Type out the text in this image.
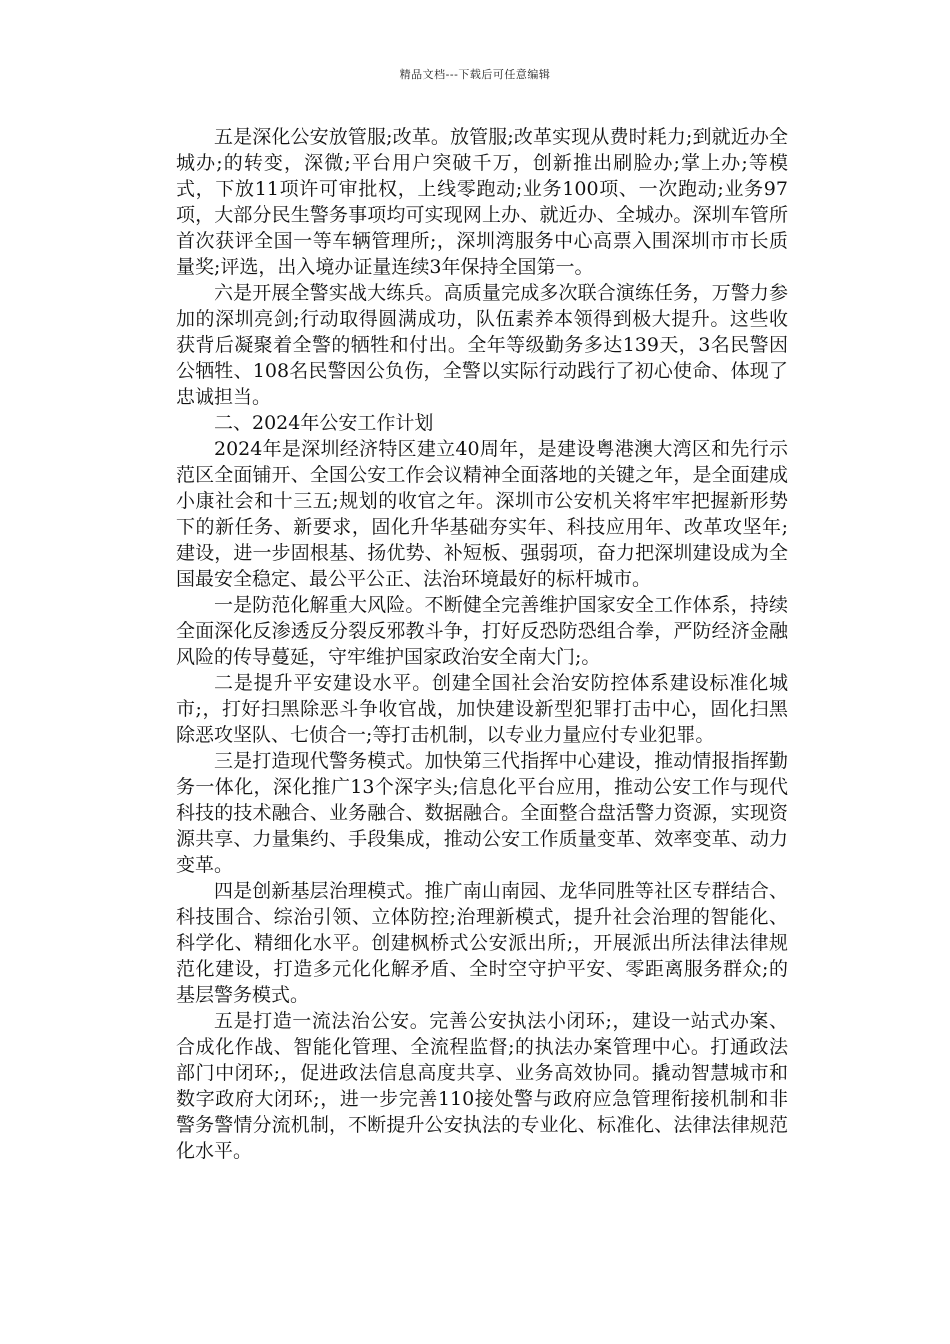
精品文档---下载后可任意编辑

五是深化公安放管服;改革。放管服;改革实现从费时耗力;到就近办全城办;的转变，深微;平台用户突破千万，创新推出刷脸办;掌上办;等模式，下放11项许可审批权，上线零跑动;业务100项、一次跑动;业务97项，大部分民生警务事项均可实现网上办、就近办、全城办。深圳车管所首次获评全国一等车辆管理所;，深圳湾服务中心高票入围深圳市市长质量奖;评选，出入境办证量连续3年保持全国第一。

六是开展全警实战大练兵。高质量完成多次联合演练任务，万警力参加的深圳亮剑;行动取得圆满成功，队伍素养本领得到极大提升。这些收获背后凝聚着全警的牺牲和付出。全年等级勤务多达139天，3名民警因公牺牲、108名民警因公负伤，全警以实际行动践行了初心使命、体现了忠诚担当。

二、2024年公安工作计划

2024年是深圳经济特区建立40周年，是建设粤港澳大湾区和先行示范区全面铺开、全国公安工作会议精神全面落地的关键之年，是全面建成小康社会和十三五;规划的收官之年。深圳市公安机关将牢牢把握新形势下的新任务、新要求，固化升华基础夯实年、科技应用年、改革攻坚年;建设，进一步固根基、扬优势、补短板、强弱项，奋力把深圳建设成为全国最安全稳定、最公平公正、法治环境最好的标杆城市。

一是防范化解重大风险。不断健全完善维护国家安全工作体系，持续全面深化反渗透反分裂反邪教斗争，打好反恐防恐组合拳，严防经济金融风险的传导蔓延，守牢维护国家政治安全南大门;。

二是提升平安建设水平。创建全国社会治安防控体系建设标准化城市;，打好扫黑除恶斗争收官战，加快建设新型犯罪打击中心，固化扫黑除恶攻坚队、七侦合一;等打击机制，以专业力量应付专业犯罪。

三是打造现代警务模式。加快第三代指挥中心建设，推动情报指挥勤务一体化，深化推广13个深字头;信息化平台应用，推动公安工作与现代科技的技术融合、业务融合、数据融合。全面整合盘活警力资源，实现资源共享、力量集约、手段集成，推动公安工作质量变革、效率变革、动力变革。

四是创新基层治理模式。推广南山南园、龙华同胜等社区专群结合、科技围合、综治引领、立体防控;治理新模式，提升社会治理的智能化、科学化、精细化水平。创建枫桥式公安派出所;，开展派出所法律法律规范化建设，打造多元化化解矛盾、全时空守护平安、零距离服务群众;的基层警务模式。

五是打造一流法治公安。完善公安执法小闭环;，建设一站式办案、合成化作战、智能化管理、全流程监督;的执法办案管理中心。打通政法部门中闭环;，促进政法信息高度共享、业务高效协同。撬动智慧城市和数字政府大闭环;，进一步完善110接处警与政府应急管理衔接机制和非警务警情分流机制，不断提升公安执法的专业化、标准化、法律法律规范化水平。
